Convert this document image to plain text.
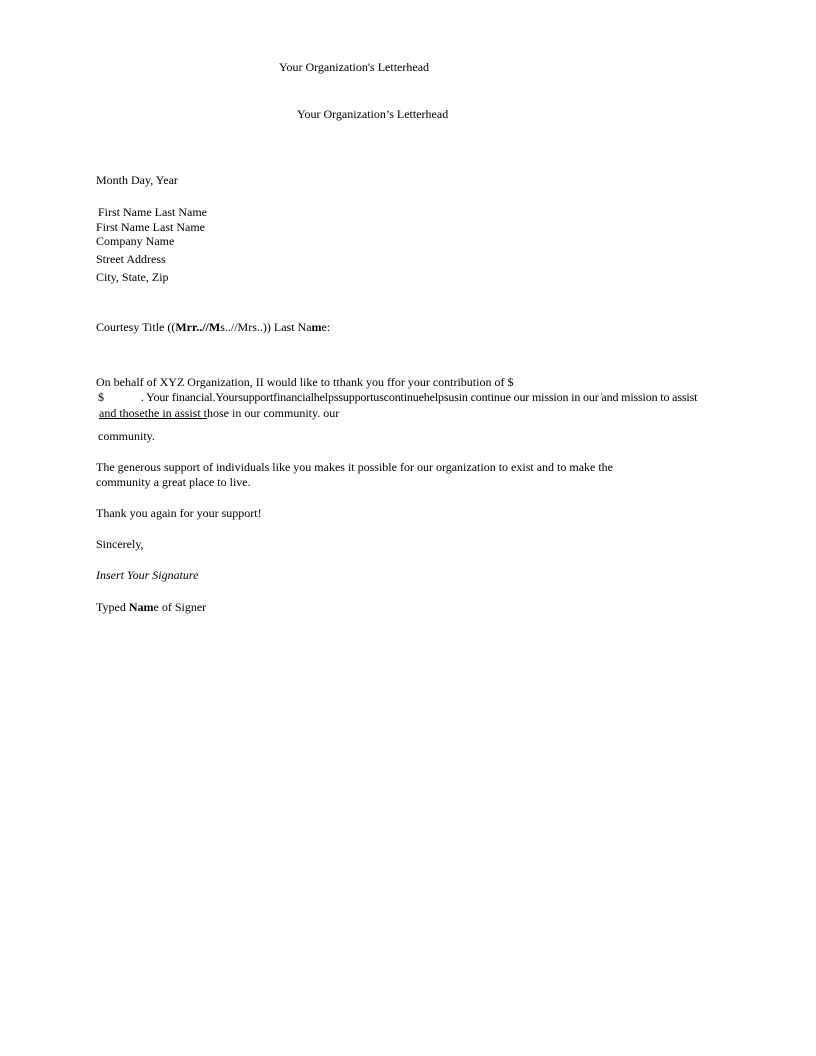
Your Organization's Letterhead
Your Organization’s Letterhead
Month Day, Year
First Name Last Name
First Name Last Name
Company Name
Street Address
City, State, Zip
Courtesy Title ((Mrr..//Ms..//Mrs..)) Last Name:
On behalf of XYZ Organization, II would like to tthank you ffor your contribution of $
$             . Your financial.Yoursupportfinancialhelpssupportuscontinuehelpsusin continue our mission in our ̇and mission to assist
and thosethe in assist those in our community. our
community.
The generous support of individuals like you makes it possible for our organization to exist and to make the
community a great place to live.
Thank you again for your support!
Sincerely,
Insert Your Signature
Typed Name of Signer
